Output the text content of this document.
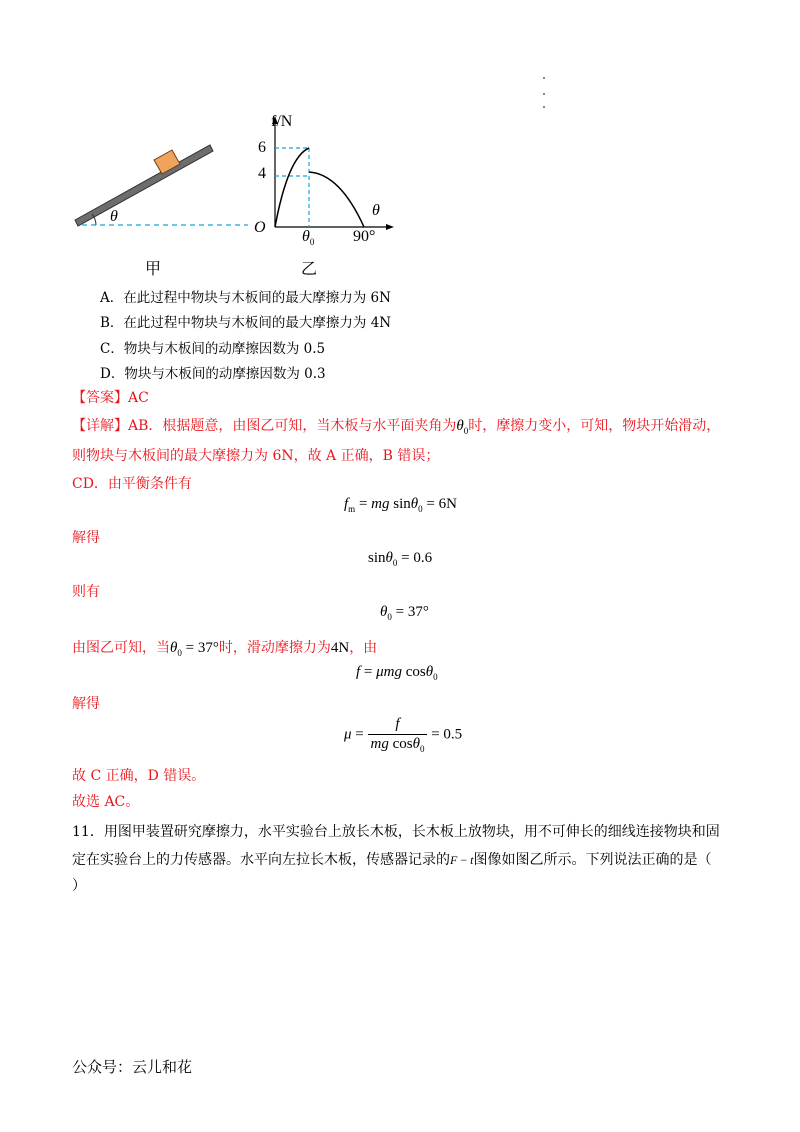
θ
甲
f/N
6
4
O
θ
$\theta_0$ 90°
乙
A．在此过程中物块与木板间的最大摩擦力为 6N
B．在此过程中物块与木板间的最大摩擦力为 4N
C．物块与木板间的动摩擦因数为 0.5
D．物块与木板间的动摩擦因数为 0.3
【答案】AC
【详解】AB．根据题意，由图乙可知，当木板与水平面夹角为$\theta_0$时，摩擦力变小，可知，物块开始滑动，
则物块与木板间的最大摩擦力为 6N，故 A 正确，B 错误；
CD．由平衡条件有
$f_m$ = mg sinθ$_0$ = 6N
解得
sinθ$_0$ = 0.6
则有
$\theta_0 = 37^\circ$
由图乙可知，当$\theta_0 = 37^\circ$时，滑动摩擦力为4N，由
f = μmg cosθ$_0$
解得
$\mu = \frac{f}{mg \cos\theta_0} = 0.5$
故 C 正确，D 错误。
故选 AC。
11．用图甲装置研究摩擦力，水平实验台上放长木板，长木板上放物块，用不可伸长的细线连接物块和固
定在实验台上的力传感器。水平向左拉长木板，传感器记录的F − t图像如图乙所示。下列说法正确的是（
）
公众号：云儿和花
